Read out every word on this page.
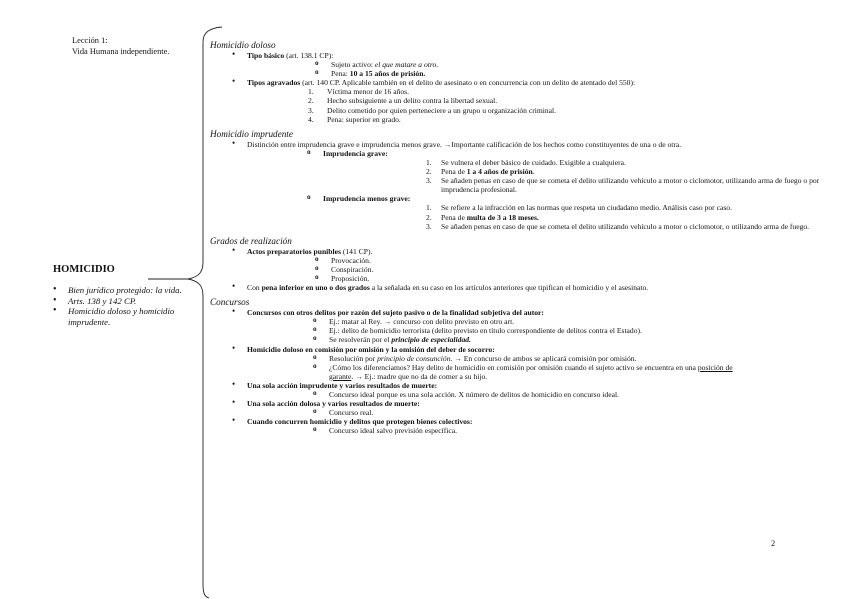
Lección 1:
Vida Humana independiente.
HOMICIDIO
• Bien jurídico protegido: la vida.
• Arts. 138 y 142 CP.
• Homicidio doloso y homicidio imprudente.

Homicidio doloso

• Tipo básico (art. 138.1 CP):
o Sujeto activo: el que matare a otro.
o Pena: 10 a 15 años de prisión.
• Tipos agravados (art. 140 CP. Aplicable también en el delito de asesinato o en concurrencia con un delito de atentado del 550):
1. Víctima menor de 16 años.
2. Hecho subsiguiente a un delito contra la libertad sexual.
3. Delito cometido por quien perteneciere a un grupo u organización criminal.
4. Pena: superior en grado.

Homicidio imprudente

• Distinción entre imprudencia grave e imprudencia menos grave. →Importante calificación de los hechos como constituyentes de una o de otra.
o Imprudencia grave:
1. Se vulnera el deber básico de cuidado. Exigible a cualquiera.
2. Pena de 1 a 4 años de prisión.
3. Se añaden penas en caso de que se cometa el delito utilizando vehículo a motor o ciclomotor, utilizando arma de fuego o por
imprudencia profesional.
o Imprudencia menos grave:
1. Se refiere a la infracción en las normas que respeta un ciudadano medio. Análisis caso por caso.
2. Pena de multa de 3 a 18 meses.
3. Se añaden penas en caso de que se cometa el delito utilizando vehículo a motor o ciclomotor, o utilizando arma de fuego.

Grados de realización

• Actos preparatorios punibles (141 CP).
o Provocación.
o Conspiración.
o Proposición.
• Con pena inferior en uno o dos grados a la señalada en su caso en los artículos anteriores que tipifican el homicidio y el asesinato.

Concursos

• Concursos con otros delitos por razón del sujeto pasivo o de la finalidad subjetiva del autor:
o Ej.: matar al Rey. → concurso con delito previsto en otro art.
o Ej.: delito de homicidio terrorista (delito previsto en título correspondiente de delitos contra el Estado).
o Se resolverán por el principio de especialidad.
• Homicidio doloso en comisión por omisión y la omisión del deber de socorro:
o Resolución por principio de consunción. → En concurso de ambos se aplicará comisión por omisión.
o ¿Cómo los diferenciamos? Hay delito de homicidio en comisión por omisión cuando el sujeto activo se encuentra en una posición de
garante. → Ej.: madre que no da de comer a su hijo.
• Una sola acción imprudente y varios resultados de muerte:
o Concurso ideal porque es una sola acción. X número de delitos de homicidio en concurso ideal.
• Una sola acción dolosa y varios resultados de muerte:
o Concurso real.
• Cuando concurren homicidio y delitos que protegen bienes colectivos:
o Concurso ideal salvo previsión específica.
2
